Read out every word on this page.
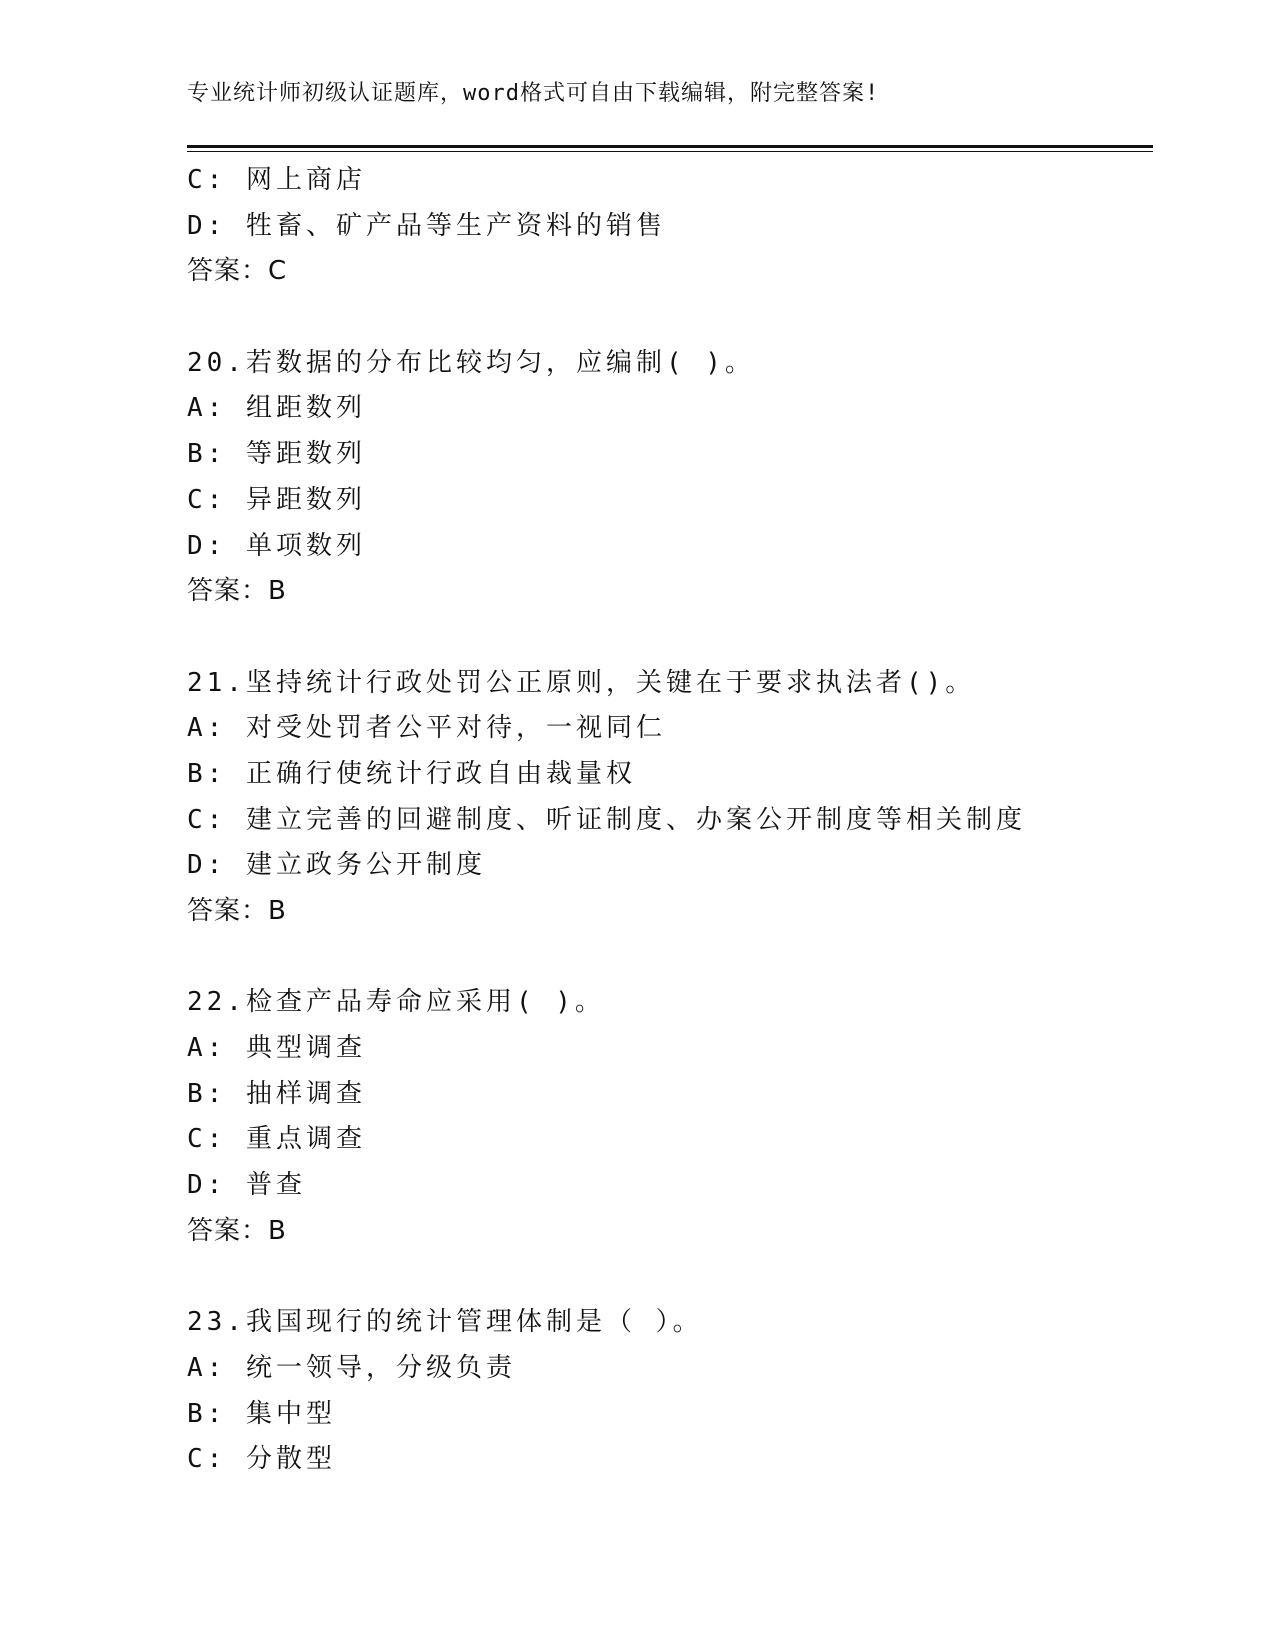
专业统计师初级认证题库，word格式可自由下载编辑，附完整答案!
C: 网上商店
D: 牲畜、矿产品等生产资料的销售
答案：C
20.若数据的分布比较均匀，应编制( )。
A: 组距数列
B: 等距数列
C: 异距数列
D: 单项数列
答案：B
21.坚持统计行政处罚公正原则，关键在于要求执法者()。
A: 对受处罚者公平对待，一视同仁
B: 正确行使统计行政自由裁量权
C: 建立完善的回避制度、听证制度、办案公开制度等相关制度
D: 建立政务公开制度
答案：B
22.检查产品寿命应采用( )。
A: 典型调查
B: 抽样调查
C: 重点调查
D: 普查
答案：B
23.我国现行的统计管理体制是（ ）。
A: 统一领导，分级负责
B: 集中型
C: 分散型
